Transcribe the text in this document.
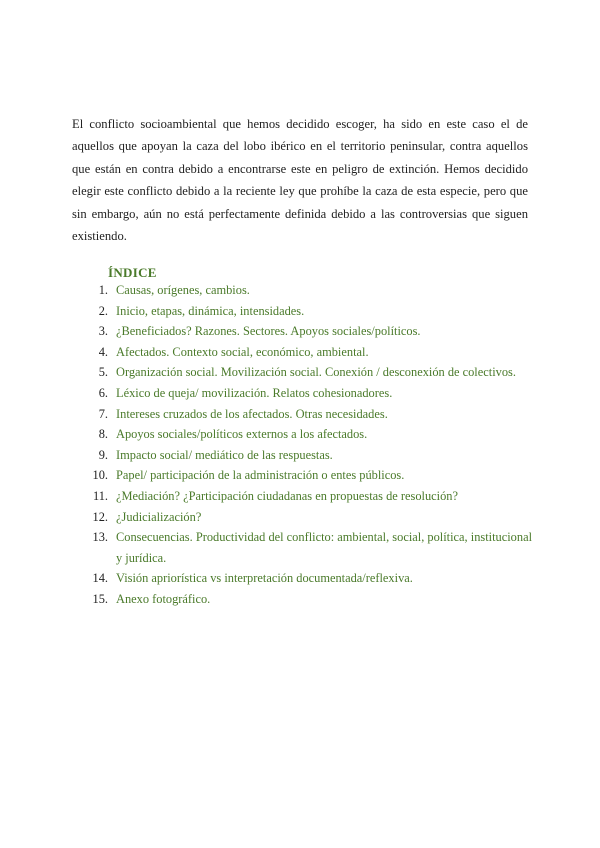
El conflicto socioambiental que hemos decidido escoger, ha sido en este caso el de aquellos que apoyan la caza del lobo ibérico en el territorio peninsular, contra aquellos que están en contra debido a encontrarse este en peligro de extinción. Hemos decidido elegir este conflicto debido a la reciente ley que prohíbe la caza de esta especie, pero que sin embargo, aún no está perfectamente definida debido a las controversias que siguen existiendo.

ÍNDICE
1. Causas, orígenes, cambios.
2. Inicio, etapas, dinámica, intensidades.
3. ¿Beneficiados? Razones. Sectores. Apoyos sociales/políticos.
4. Afectados. Contexto social, económico, ambiental.
5. Organización social. Movilización social. Conexión / desconexión de colectivos.
6. Léxico de queja/ movilización. Relatos cohesionadores.
7. Intereses cruzados de los afectados. Otras necesidades.
8. Apoyos sociales/políticos externos a los afectados.
9. Impacto social/ mediático de las respuestas.
10. Papel/ participación de la administración o entes públicos.
11. ¿Mediación? ¿Participación ciudadanas en propuestas de resolución?
12. ¿Judicialización?
13. Consecuencias. Productividad del conflicto: ambiental, social, política, institucional y jurídica.
14. Visión apriorística vs interpretación documentada/reflexiva.
15. Anexo fotográfico.
